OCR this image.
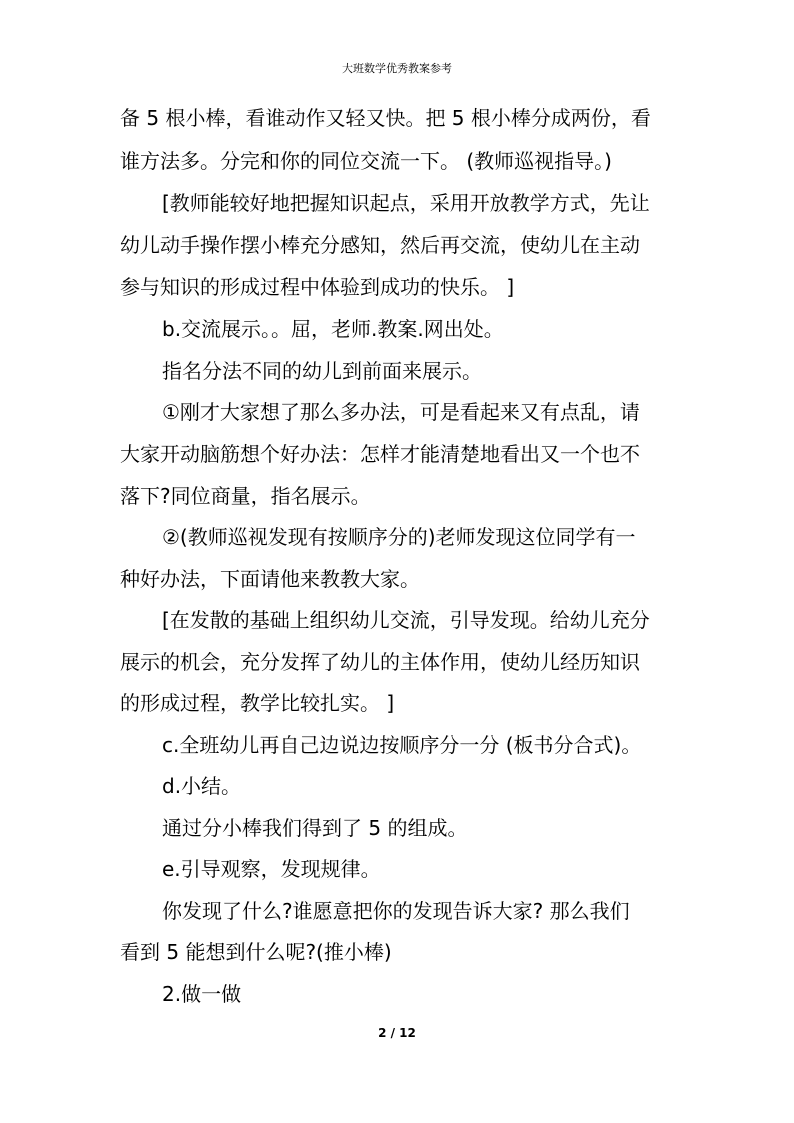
大班数学优秀教案参考
备 5 根小棒，看谁动作又轻又快。把 5 根小棒分成两份，看
谁方法多。分完和你的同位交流一下。 (教师巡视指导。)
[教师能较好地把握知识起点，采用开放教学方式，先让
幼儿动手操作摆小棒充分感知，然后再交流，使幼儿在主动
参与知识的形成过程中体验到成功的快乐。 ]
b.交流展示。。屈，老师.教案.网出处。
指名分法不同的幼儿到前面来展示。
①刚才大家想了那么多办法，可是看起来又有点乱，请
大家开动脑筋想个好办法：怎样才能清楚地看出又一个也不
落下?同位商量，指名展示。
②(教师巡视发现有按顺序分的)老师发现这位同学有一
种好办法，下面请他来教教大家。
[在发散的基础上组织幼儿交流，引导发现。给幼儿充分
展示的机会，充分发挥了幼儿的主体作用，使幼儿经历知识
的形成过程，教学比较扎实。 ]
c.全班幼儿再自己边说边按顺序分一分 (板书分合式)。
d.小结。
通过分小棒我们得到了 5 的组成。
e.引导观察，发现规律。
你发现了什么?谁愿意把你的发现告诉大家? 那么我们
看到 5 能想到什么呢?(推小棒)
2.做一做
2 / 12
